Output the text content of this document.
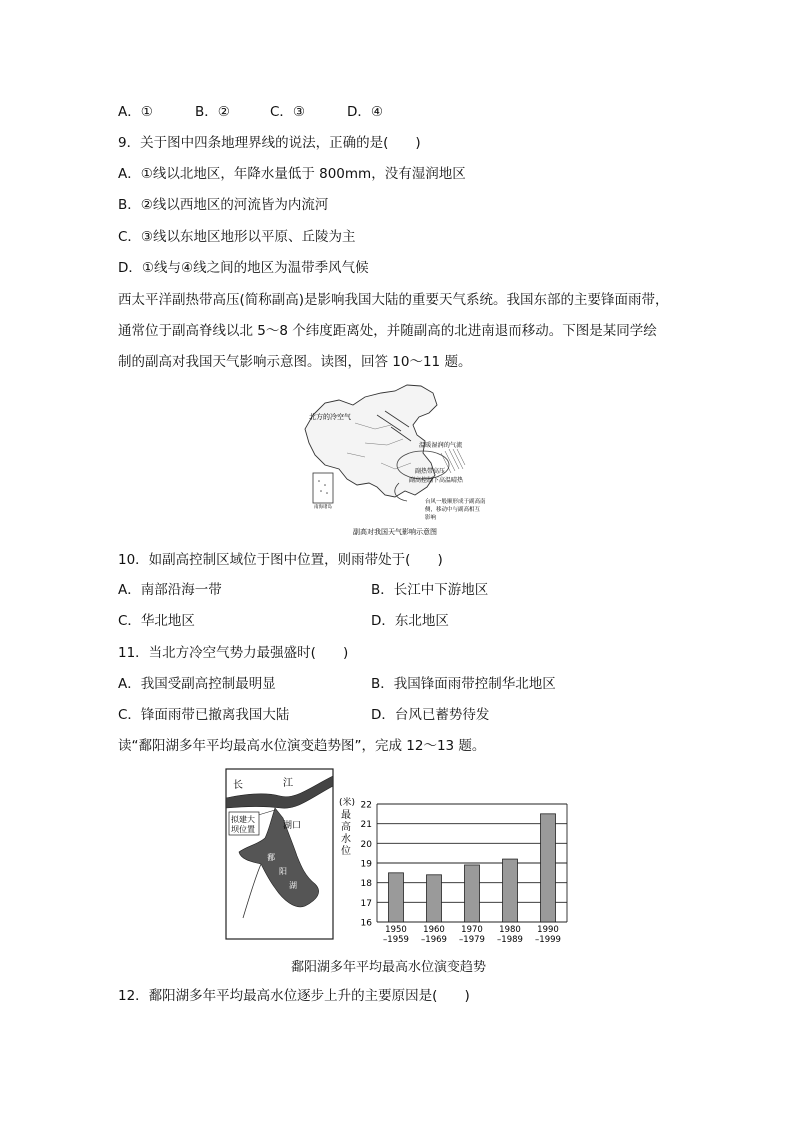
A．①	B．②	C．③	D．④
9．关于图中四条地理界线的说法，正确的是(　　)
A．①线以北地区，年降水量低于 800mm，没有湿润地区
B．②线以西地区的河流皆为内流河
C．③线以东地区地形以平原、丘陵为主
D．①线与④线之间的地区为温带季风气候
西太平洋副热带高压(简称副高)是影响我国大陆的重要天气系统。我国东部的主要锋面雨带，
通常位于副高脊线以北 5～8 个纬度距离处，并随副高的北进南退而移动。下图是某同学绘
制的副高对我国天气影响示意图。读图，回答 10～11 题。
北方的冷空气
温暖湿润的气流
副热带高压
副高控制下高温晴热
台风一般顺形成于副高南
侧，移动中与副高相互
影响
南海诸岛
副高对我国天气影响示意图
10．如副高控制区域位于图中位置，则雨带处于(　　)
A．南部沿海一带	B．长江中下游地区
C．华北地区	D．东北地区
11．当北方冷空气势力最强盛时(　　)
A．我国受副高控制最明显	B．我国锋面雨带控制华北地区
C．锋面雨带已撤离我国大陆	D．台风已蓄势待发
读“鄱阳湖多年平均最高水位演变趋势图”，完成 12～13 题。
长	江
湖口
拟建大
坝位置
鄱
阳
湖
(米)
最
高
水
位
16
17
18
19
20
21
22
1950
–1959
1960
–1969
1970
–1979
1980
–1989
1990
–1999
鄱阳湖多年平均最高水位演变趋势
12．鄱阳湖多年平均最高水位逐步上升的主要原因是(　　)
